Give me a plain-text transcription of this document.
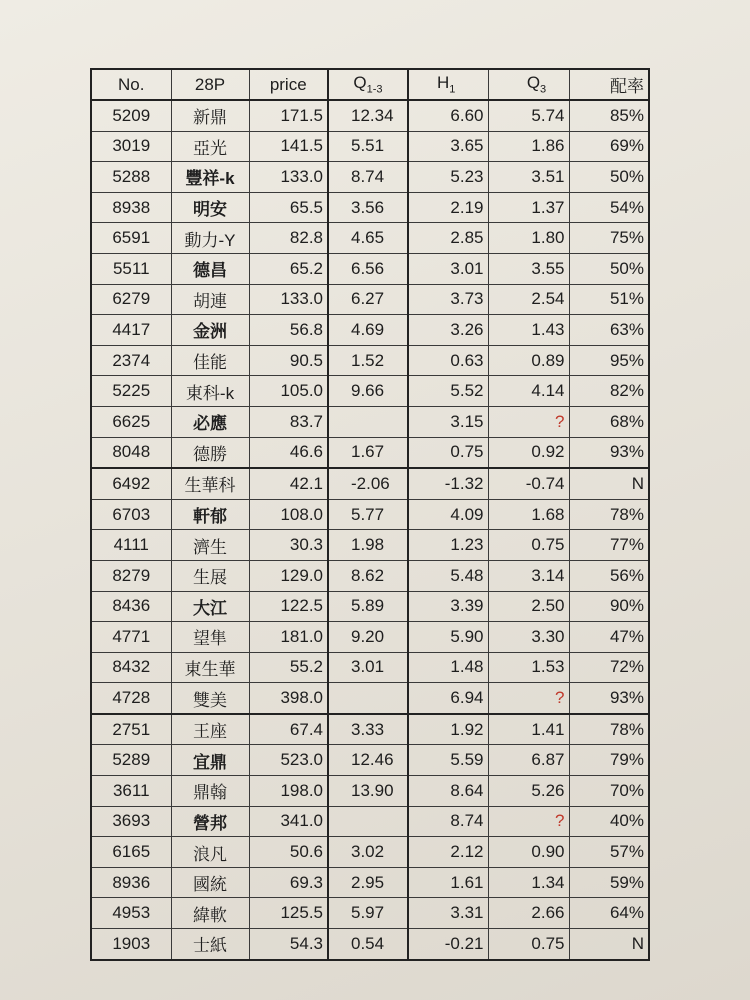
No.	28P	price	$Q_{1-3}$	$H_1$	$Q_3$	配率
5209	新鼎	171.5	12.34	6.60	5.74	85%
3019	亞光	141.5	5.51	3.65	1.86	69%
5288	豐祥-k	133.0	8.74	5.23	3.51	50%
8938	明安	65.5	3.56	2.19	1.37	54%
6591	動力-Y	82.8	4.65	2.85	1.80	75%
5511	德昌	65.2	6.56	3.01	3.55	50%
6279	胡連	133.0	6.27	3.73	2.54	51%
4417	金洲	56.8	4.69	3.26	1.43	63%
2374	佳能	90.5	1.52	0.63	0.89	95%
5225	東科-k	105.0	9.66	5.52	4.14	82%
6625	必應	83.7		3.15	?	68%
8048	德勝	46.6	1.67	0.75	0.92	93%
6492	生華科	42.1	-2.06	-1.32	-0.74	N
6703	軒郁	108.0	5.77	4.09	1.68	78%
4111	濟生	30.3	1.98	1.23	0.75	77%
8279	生展	129.0	8.62	5.48	3.14	56%
8436	大江	122.5	5.89	3.39	2.50	90%
4771	望隼	181.0	9.20	5.90	3.30	47%
8432	東生華	55.2	3.01	1.48	1.53	72%
4728	雙美	398.0		6.94	?	93%
2751	王座	67.4	3.33	1.92	1.41	78%
5289	宜鼎	523.0	12.46	5.59	6.87	79%
3611	鼎翰	198.0	13.90	8.64	5.26	70%
3693	營邦	341.0		8.74	?	40%
6165	浪凡	50.6	3.02	2.12	0.90	57%
8936	國統	69.3	2.95	1.61	1.34	59%
4953	緯軟	125.5	5.97	3.31	2.66	64%
1903	士紙	54.3	0.54	-0.21	0.75	N
